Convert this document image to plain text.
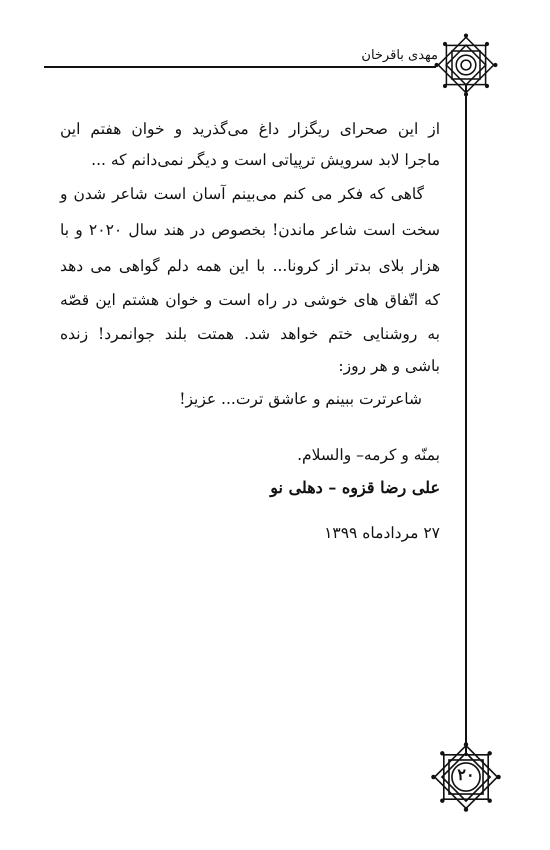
مهدی باقرخان
از این صحرای ریگزار داغ می‌گذرید و خوان هفتم این
ماجرا لابد سرویش ترپیاتی است و دیگر نمی‌دانم که ...
گاهی که فکر می کنم می‌بینم آسان است شاعر شدن و
سخت است شاعر ماندن! بخصوص در هند سال ۲۰۲۰ و با
هزار بلای بدتر از کرونا... با این همه دلم گواهی می دهد
که اتّفاق های خوشی در راه است و خوان هشتم این قصّه
به روشنایی ختم خواهد شد. همتت بلند جوانمرد! زنده
باشی و هر روز:
شاعرترت ببینم و عاشق ترت... عزیز!
بمنّه و کرمه– والسلام.
علی رضا قزوه – دهلی نو
۲۷ مردادماه ۱۳۹۹
۲۰
